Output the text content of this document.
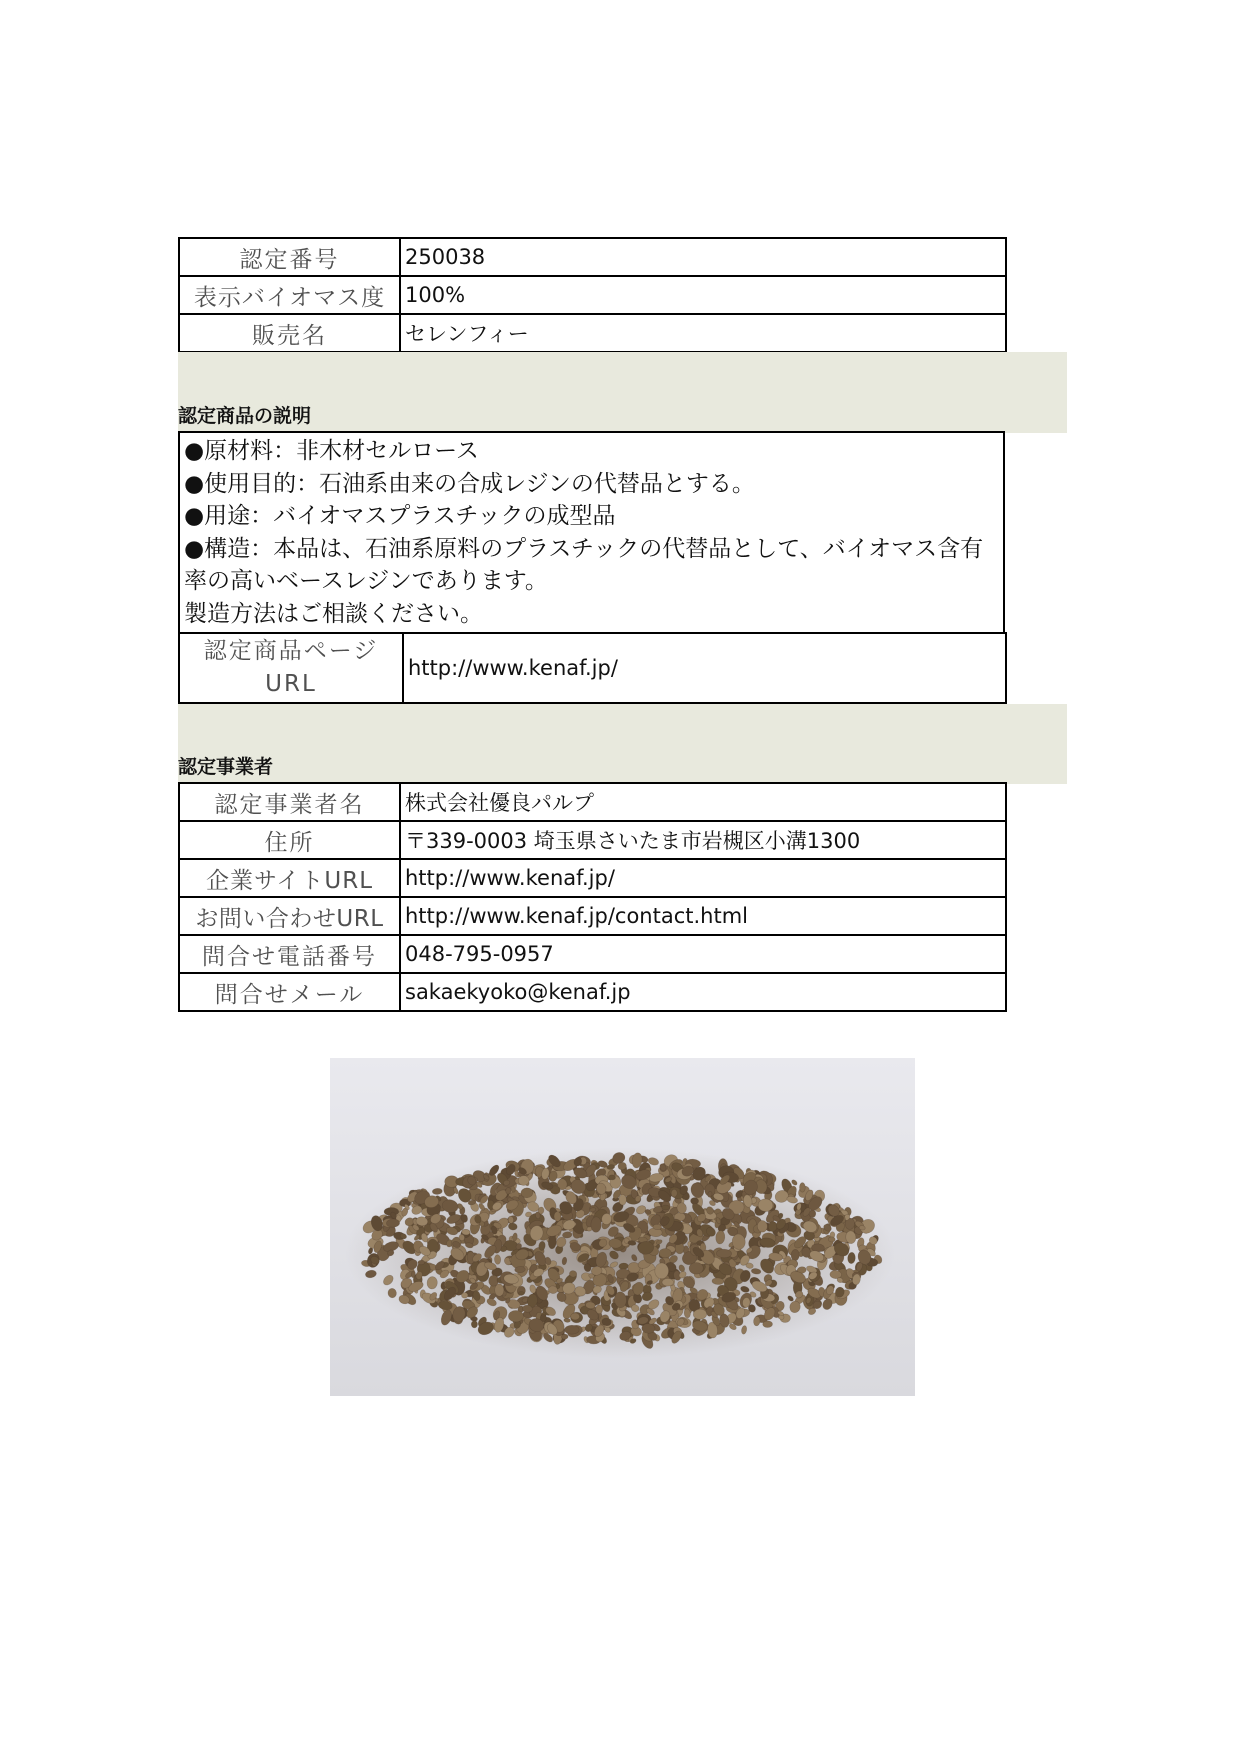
認定番号	250038
表示バイオマス度	100%
販売名	セレンフィー
認定商品の説明
●原材料：非木材セルロース
●使用目的：石油系由来の合成レジンの代替品とする。
●用途：バイオマスプラスチックの成型品
●構造：本品は、石油系原料のプラスチックの代替品として、バイオマス含有
率の高いベースレジンであります。
製造方法はご相談ください。
認定商品ページ
URL
	http://www.kenaf.jp/
認定事業者
認定事業者名	株式会社優良パルプ
住所	〒339-0003 埼玉県さいたま市岩槻区小溝1300
企業サイトURL	http://www.kenaf.jp/
お問い合わせURL	http://www.kenaf.jp/contact.html
問合せ電話番号	048-795-0957
問合せメール	sakaekyoko@kenaf.jp
